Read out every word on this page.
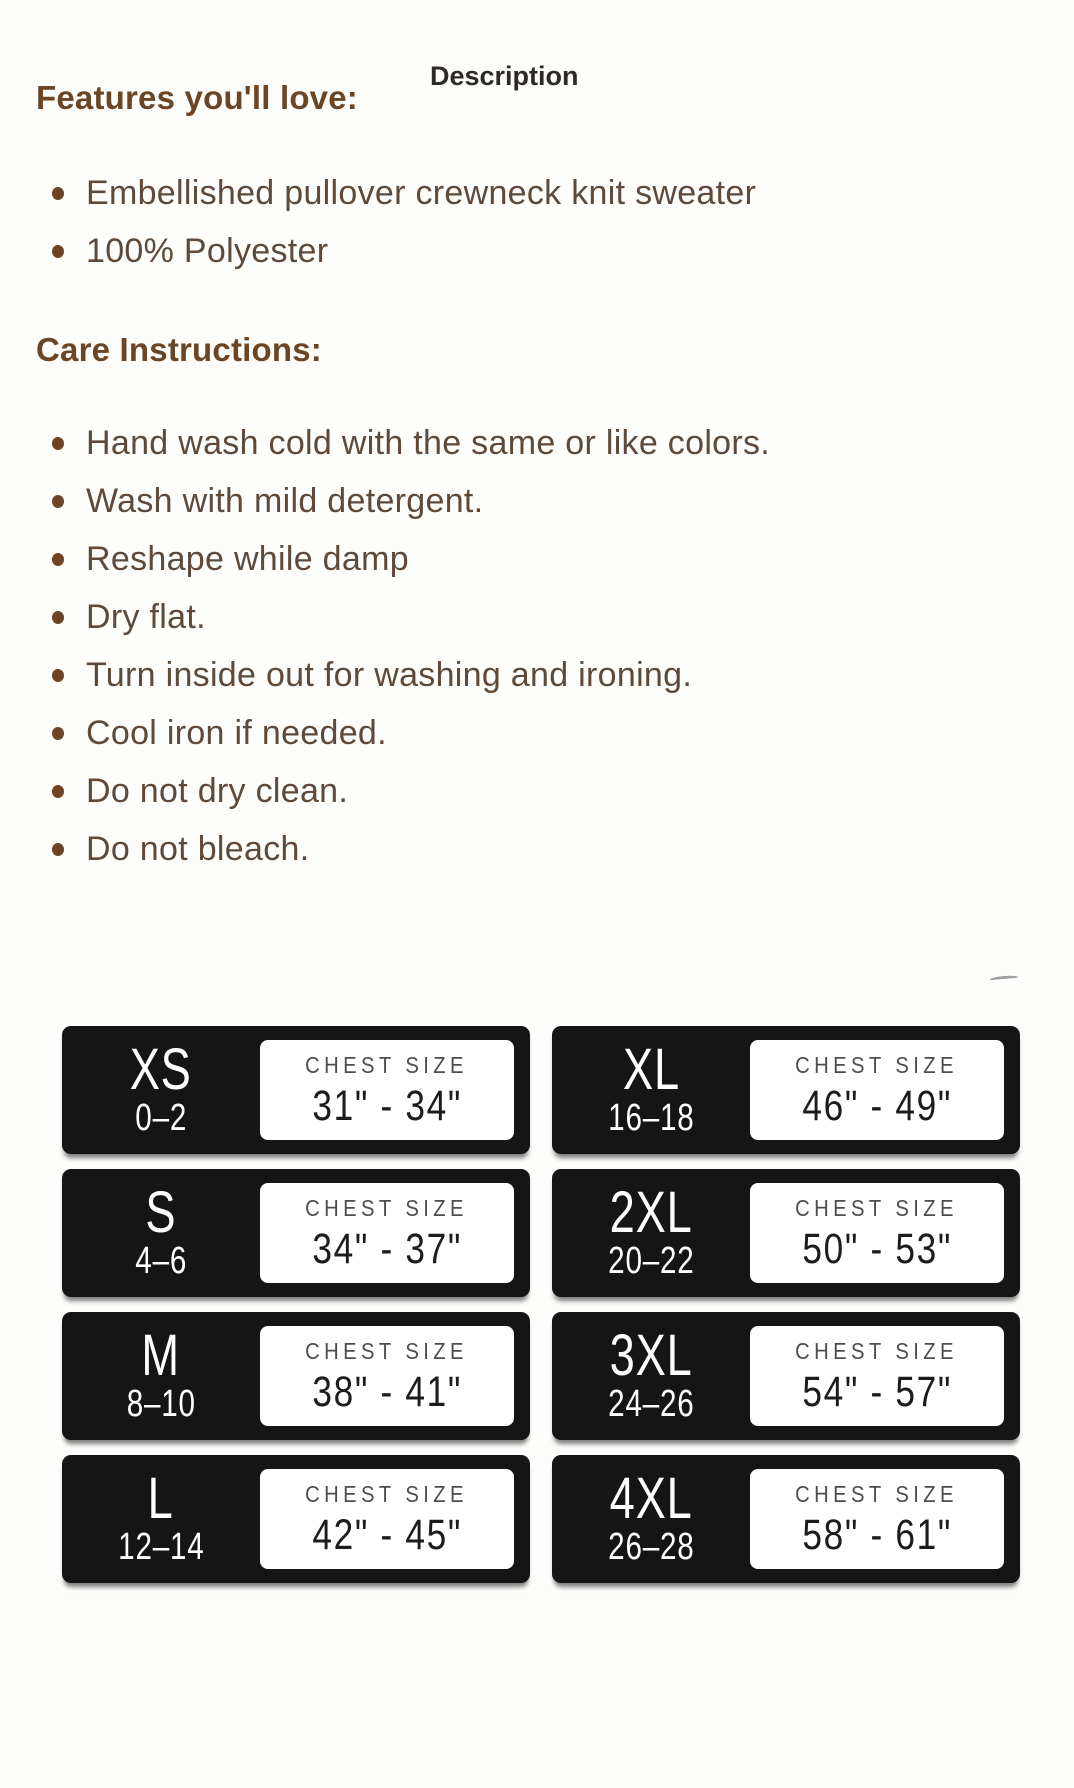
Description
Features you'll love:
Embellished pullover crewneck knit sweater
100% Polyester
Care Instructions:
Hand wash cold with the same or like colors.
Wash with mild detergent.
Reshape while damp
Dry flat.
Turn inside out for washing and ironing.
Cool iron if needed.
Do not dry clean.
Do not bleach.
XS
0–2
CHEST SIZE
31" - 34"
XL
16–18
CHEST SIZE
46" - 49"
S
4–6
CHEST SIZE
34" - 37"
2XL
20–22
CHEST SIZE
50" - 53"
M
8–10
CHEST SIZE
38" - 41"
3XL
24–26
CHEST SIZE
54" - 57"
L
12–14
CHEST SIZE
42" - 45"
4XL
26–28
CHEST SIZE
58" - 61"
